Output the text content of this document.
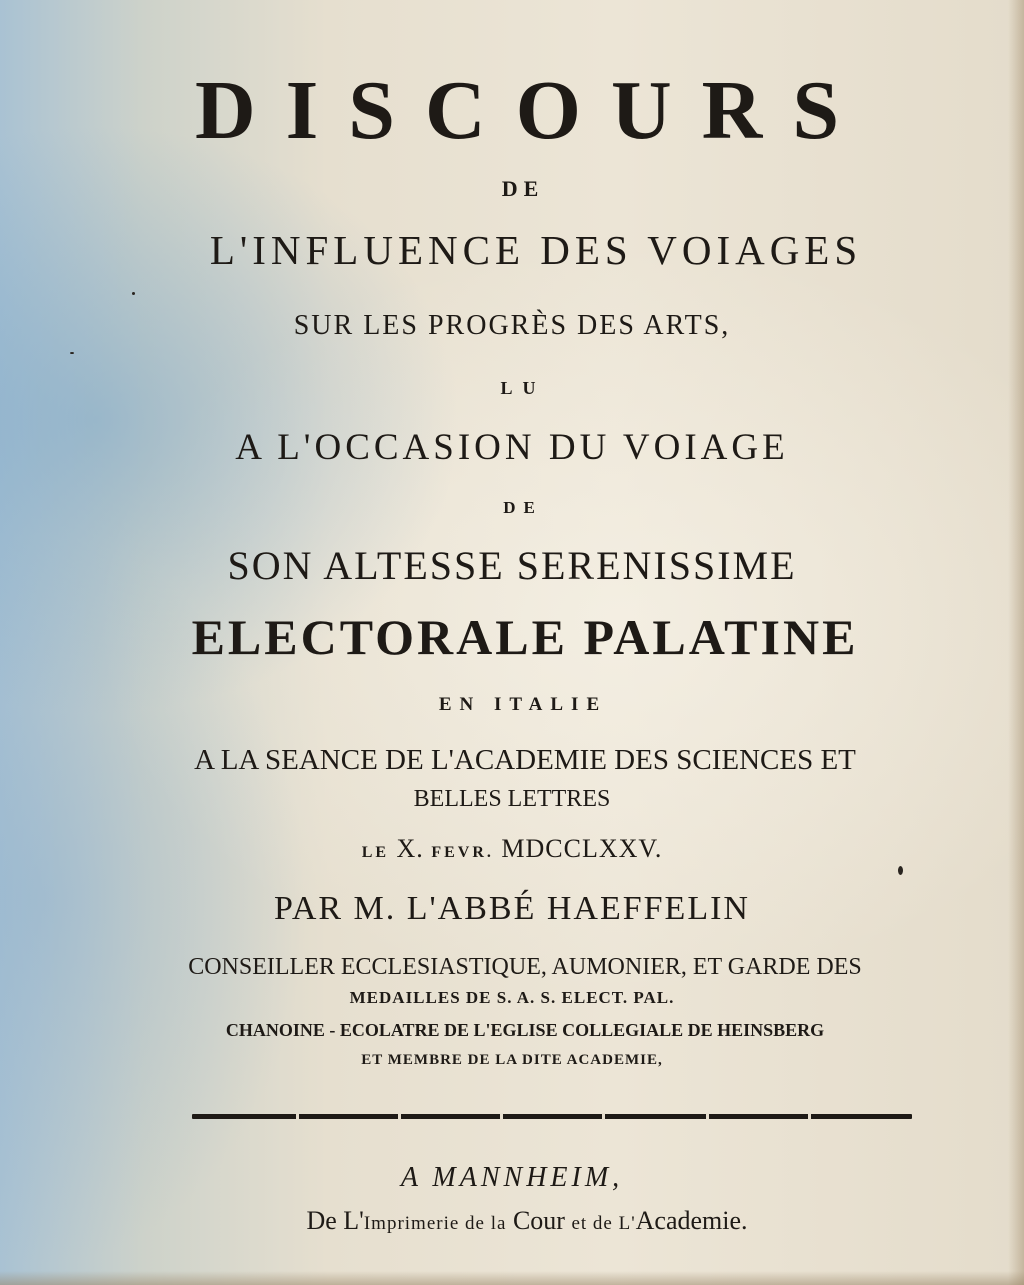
DISCOURS

DE

L'INFLUENCE DES VOIAGES

SUR LES PROGRÈS DES ARTS,

LU

A L'OCCASION DU VOIAGE

DE

SON ALTESSE SERENISSIME

ELECTORALE PALATINE

EN ITALIE

A LA SEANCE DE L'ACADEMIE DES SCIENCES ET

BELLES LETTRES

LE X. FEVR. MDCCLXXV.

PAR M. L'ABBÉ HAEFFELIN

CONSEILLER ECCLESIASTIQUE, AUMONIER, ET GARDE DES

MEDAILLES DE S. A. S. ELECT. PAL.

CHANOINE - ECOLATRE DE L'EGLISE COLLEGIALE DE HEINSBERG

ET MEMBRE DE LA DITE ACADEMIE,

A MANNHEIM,

De L'Imprimerie de la Cour et de L'Academie.
